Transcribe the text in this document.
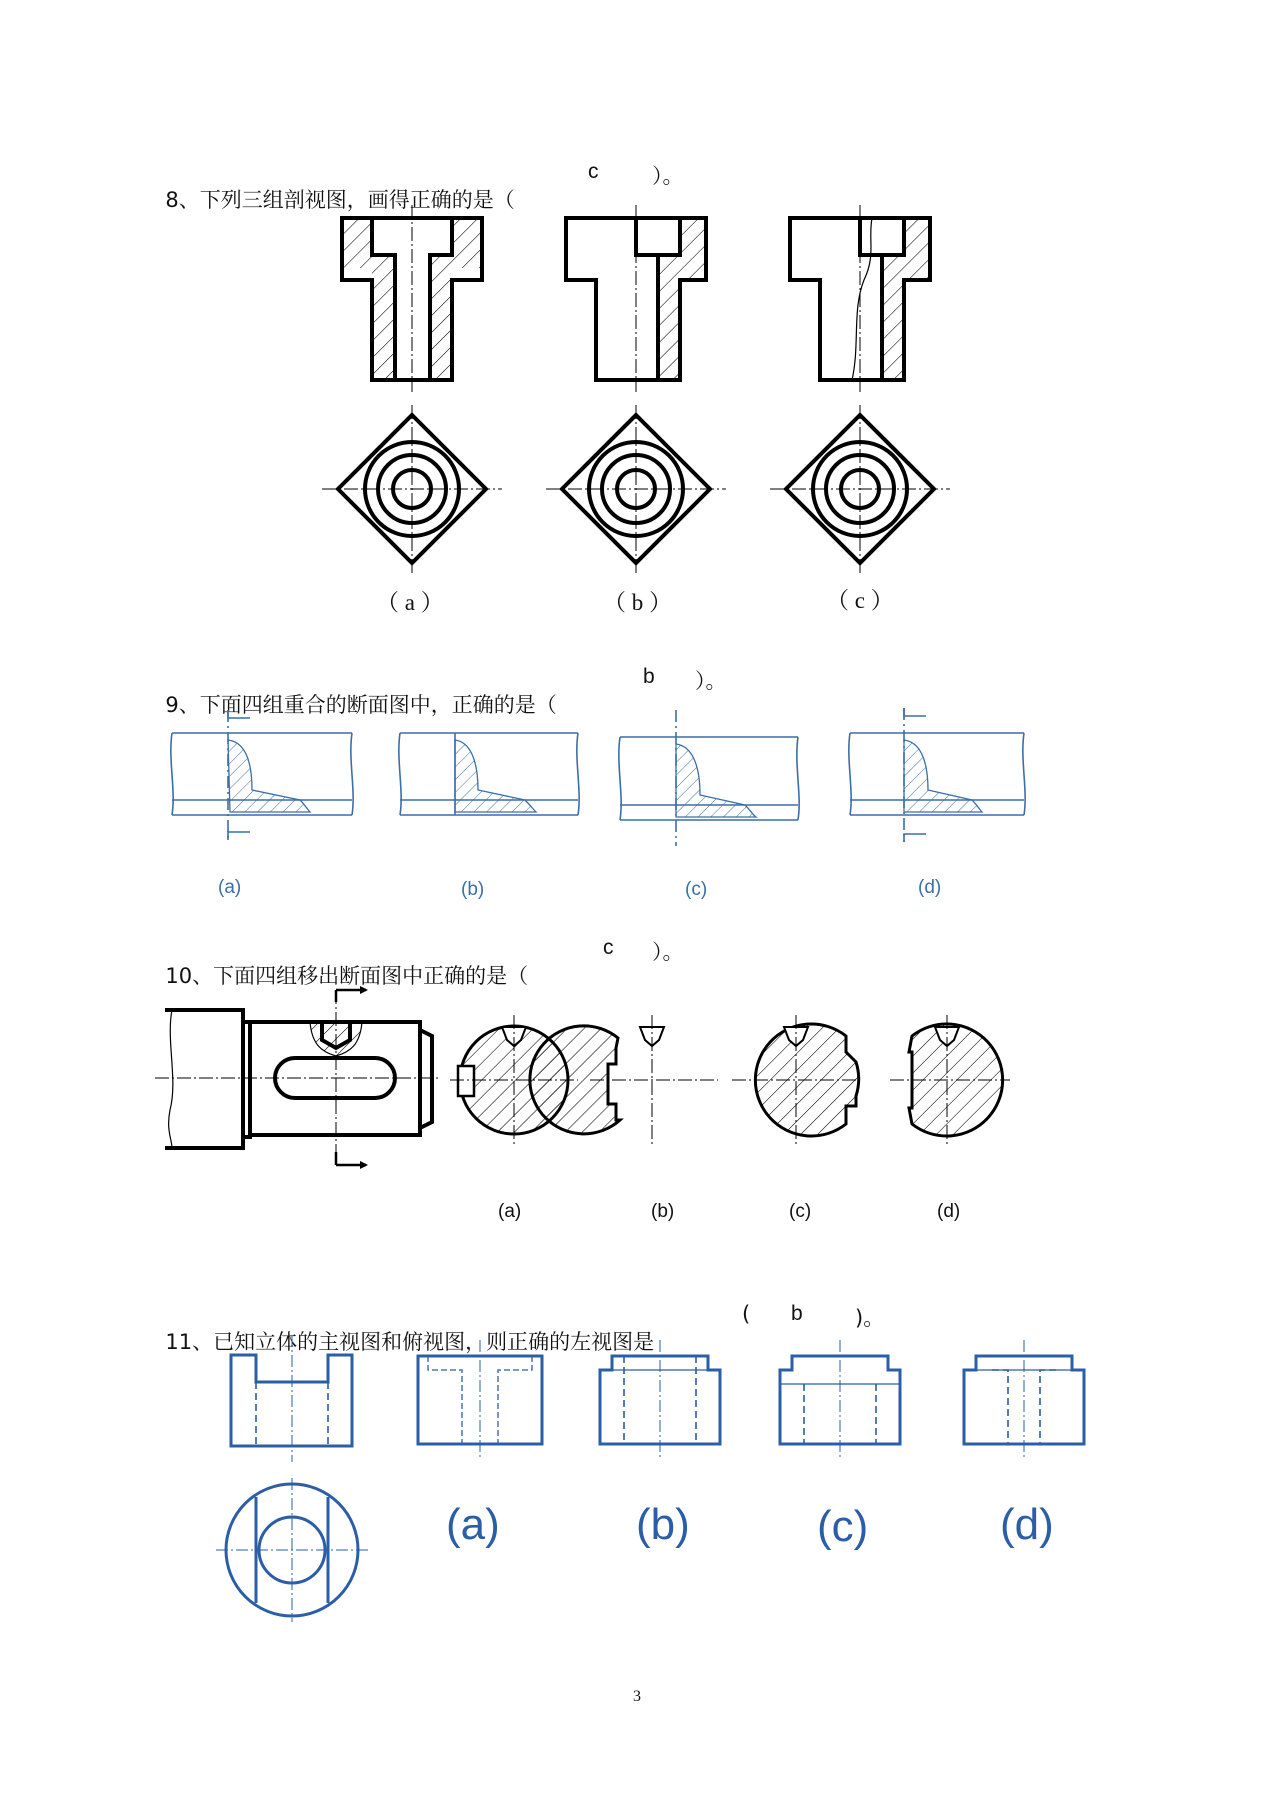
8、下列三组剖视图，画得正确的是（

c	）。

9、下面四组重合的断面图中，正确的是（

b ）。

10、下面四组移出断面图中正确的是（

c ）。

11、已知立体的主视图和俯视图，则正确的左视图是

( b )。
（ a ）	（ b ）	（ c ）
(a)	(b)	(c)	(d)
(a)	(b)	(c)	(d)
(a)	(b)	(c)	(d)
3
